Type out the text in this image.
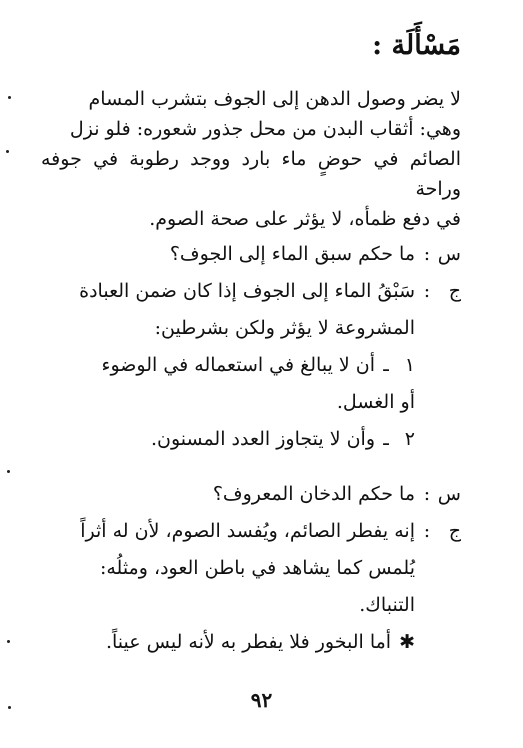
مَسْأَلَة :

لا يضر وصول الدهن إلى الجوف بتشرب المسام

وهي: أثقاب البدن من محل جذور شعوره: فلو نزل

الصائم في حوضٍ ماء بارد ووجد رطوبة في جوفه وراحة

في دفع ظمأه، لا يؤثر على صحة الصوم.

س
:
ما حكم سبق الماء إلى الجوف؟
ج
:
سَبْقُ الماء إلى الجوف إذا كان ضمن العبادة
المشروعة لا يؤثر ولكن بشرطين:
١ـأن لا يبالغ في استعماله في الوضوء
أو الغسل.
٢ـوأن لا يتجاوز العدد المسنون.
س
:
ما حكم الدخان المعروف؟
ج
:
إنه يفطر الصائم، ويُفسد الصوم، لأن له أثراً
يُلمس كما يشاهد في باطن العود، ومثلُه:
التنباك.
✱أما البخور فلا يفطر به لأنه ليس عيناً.

٩٢
